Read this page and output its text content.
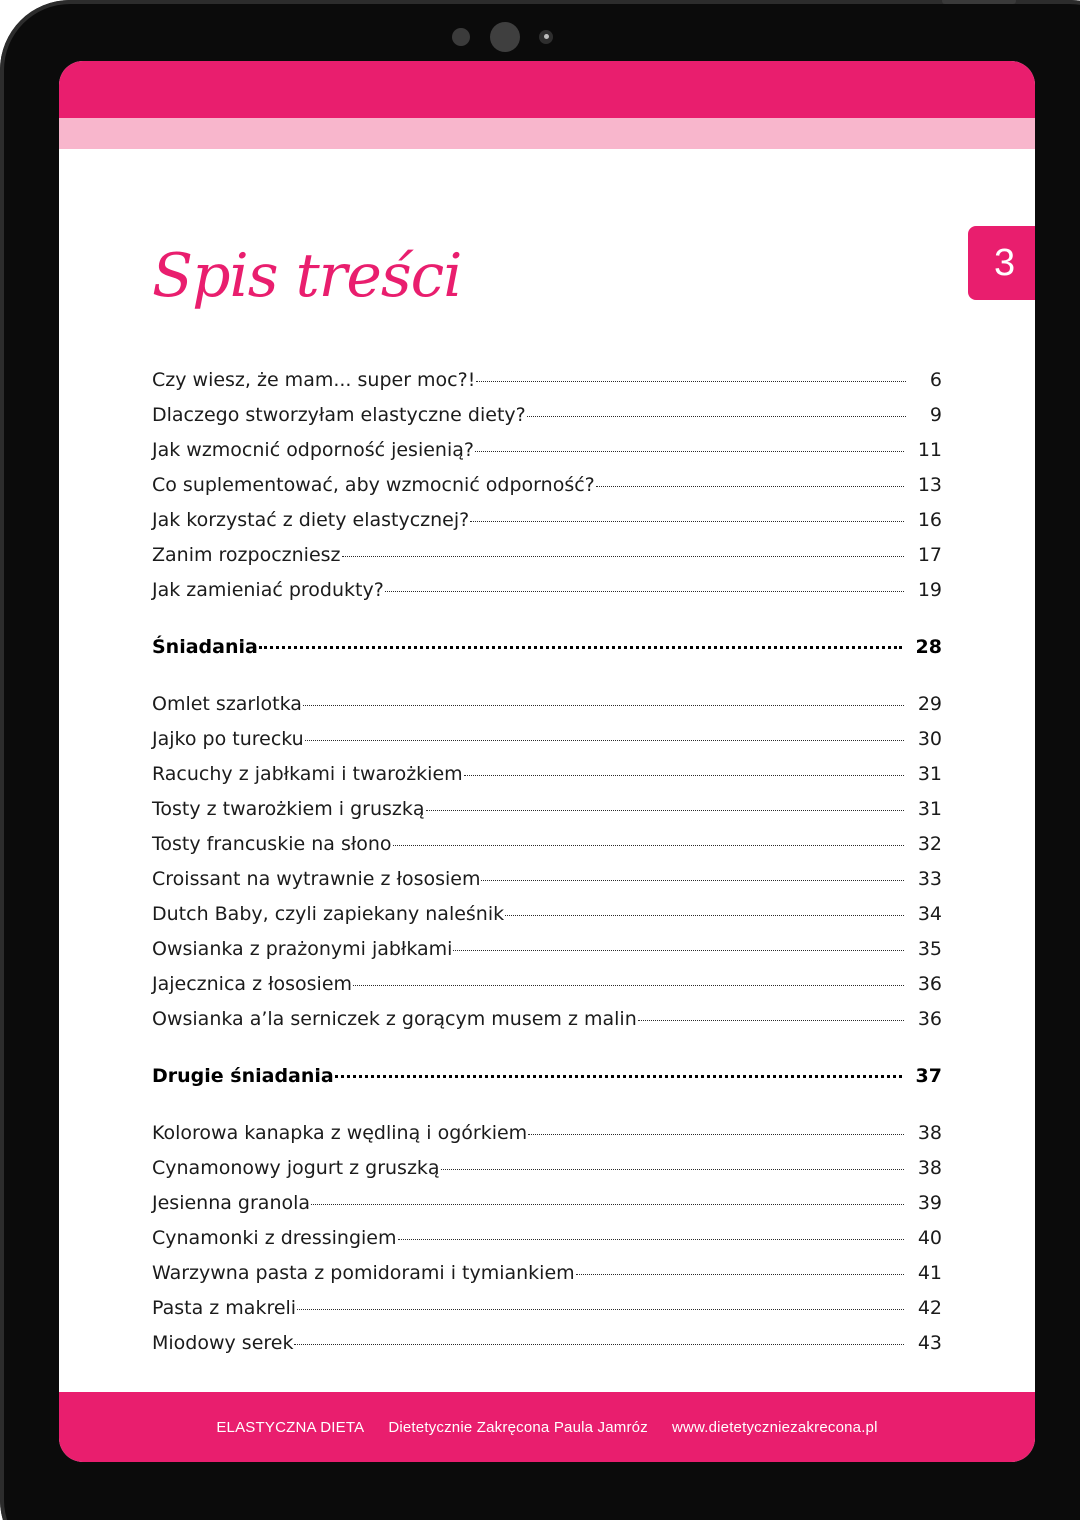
3
Spis treści
Czy wiesz, że mam... super moc?!	6
Dlaczego stworzyłam elastyczne diety?	9
Jak wzmocnić odporność jesienią?	11
Co suplementować, aby wzmocnić odporność?	13
Jak korzystać z diety elastycznej?	16
Zanim rozpoczniesz	17
Jak zamieniać produkty?	19
Śniadania	28
Omlet szarlotka	29
Jajko po turecku	30
Racuchy z jabłkami i twarożkiem	31
Tosty z twarożkiem i gruszką	31
Tosty francuskie na słono	32
Croissant na wytrawnie z łososiem	33
Dutch Baby, czyli zapiekany naleśnik	34
Owsianka z prażonymi jabłkami	35
Jajecznica z łososiem	36
Owsianka a’la serniczek z gorącym musem z malin	36
Drugie śniadania	37
Kolorowa kanapka z wędliną i ogórkiem	38
Cynamonowy jogurt z gruszką	38
Jesienna granola	39
Cynamonki z dressingiem	40
Warzywna pasta z pomidorami i tymiankiem	41
Pasta z makreli	42
Miodowy serek	43
ELASTYCZNA DIETA Dietetycznie Zakręcona Paula Jamróz www.dietetyczniezakrecona.pl
